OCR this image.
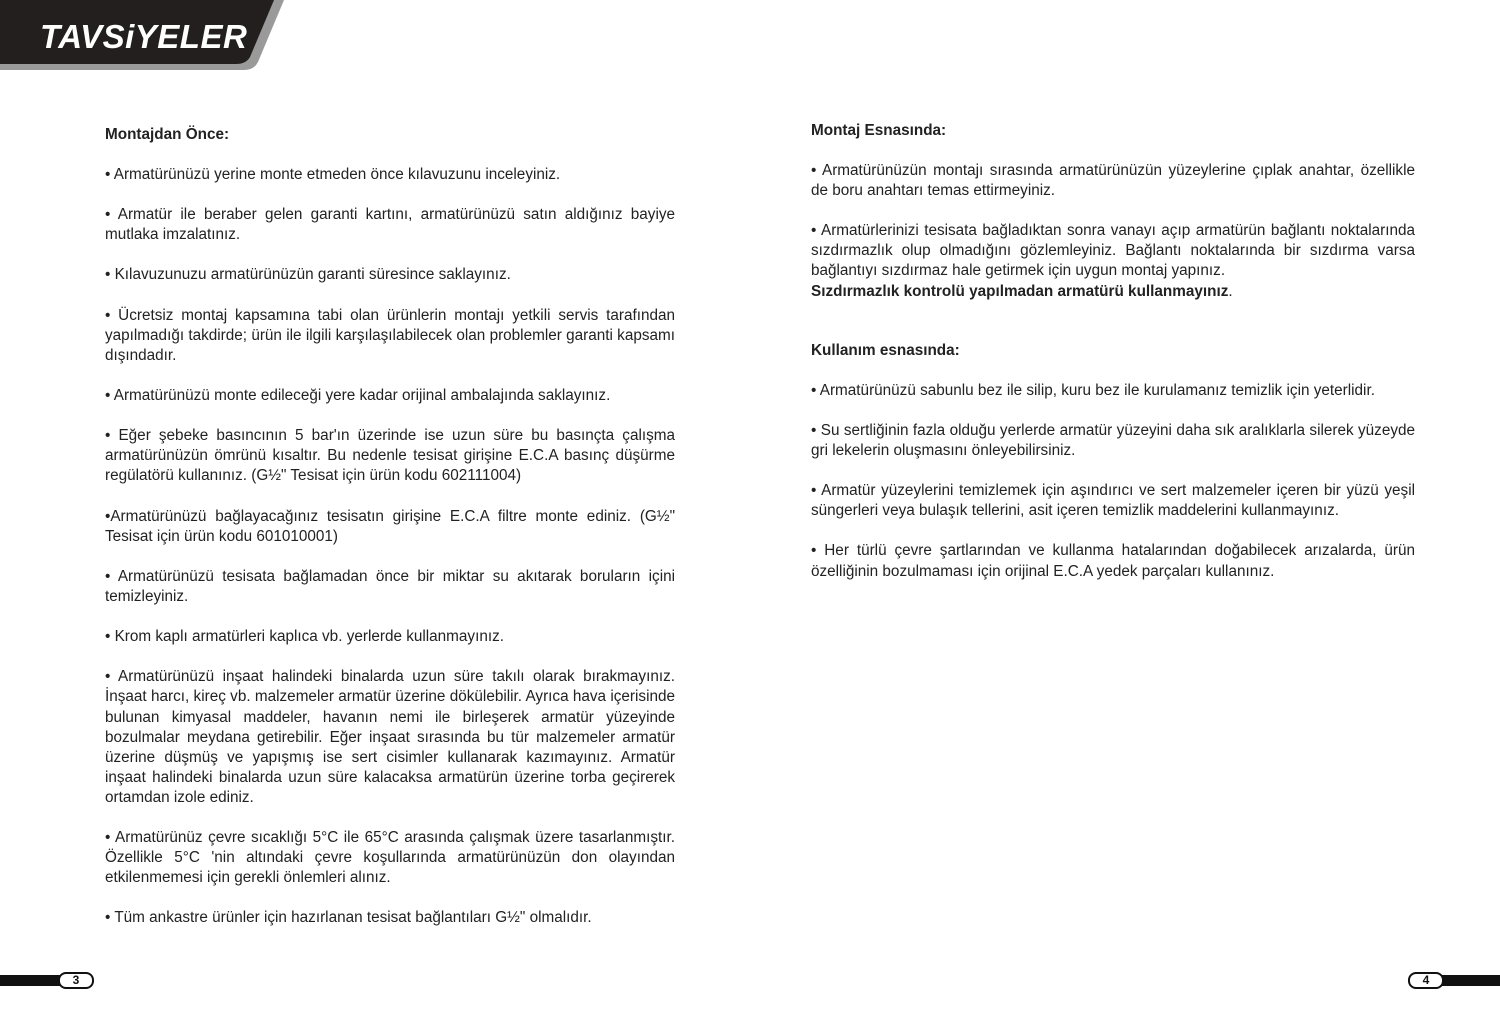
TAVSiYELER
Montajdan Önce:

• Armatürünüzü yerine monte etmeden önce kılavuzunu inceleyiniz.

• Armatür ile beraber gelen garanti kartını, armatürünüzü satın aldığınız bayiye mutlaka imzalatınız.

• Kılavuzunuzu armatürünüzün garanti süresince saklayınız.

• Ücretsiz montaj kapsamına tabi olan ürünlerin montajı yetkili servis tarafından yapılmadığı takdirde; ürün ile ilgili karşılaşılabilecek olan problemler garanti kapsamı dışındadır.

• Armatürünüzü monte edileceği yere kadar orijinal ambalajında saklayınız.

• Eğer şebeke basıncının 5 bar'ın üzerinde ise uzun süre bu basınçta çalışma armatürünüzün ömrünü kısaltır. Bu nedenle tesisat girişine E.C.A basınç düşürme regülatörü kullanınız. (G½" Tesisat için ürün kodu 602111004)

•Armatürünüzü bağlayacağınız tesisatın girişine E.C.A filtre monte ediniz. (G½" Tesisat için ürün kodu 601010001)

• Armatürünüzü tesisata bağlamadan önce bir miktar su akıtarak boruların içini temizleyiniz.

• Krom kaplı armatürleri kaplıca vb. yerlerde kullanmayınız.

• Armatürünüzü inşaat halindeki binalarda uzun süre takılı olarak bırakmayınız. İnşaat harcı, kireç vb. malzemeler armatür üzerine dökülebilir. Ayrıca hava içerisinde bulunan kimyasal maddeler, havanın nemi ile birleşerek armatür yüzeyinde bozulmalar meydana getirebilir. Eğer inşaat sırasında bu tür malzemeler armatür üzerine düşmüş ve yapışmış ise sert cisimler kullanarak kazımayınız. Armatür inşaat halindeki binalarda uzun süre kalacaksa armatürün üzerine torba geçirerek ortamdan izole ediniz.

• Armatürünüz çevre sıcaklığı 5°C ile 65°C arasında çalışmak üzere tasarlanmıştır. Özellikle 5°C 'nin altındaki çevre koşullarında armatürünüzün don olayından etkilenmemesi için gerekli önlemleri alınız.

• Tüm ankastre ürünler için hazırlanan tesisat bağlantıları G½" olmalıdır.

Montaj Esnasında:

• Armatürünüzün montajı sırasında armatürünüzün yüzeylerine çıplak anahtar, özellikle de boru anahtarı temas ettirmeyiniz.

• Armatürlerinizi tesisata bağladıktan sonra vanayı açıp armatürün bağlantı noktalarında sızdırmazlık olup olmadığını gözlemleyiniz. Bağlantı noktalarında bir sızdırma varsa bağlantıyı sızdırmaz hale getirmek için uygun montaj yapınız.

Sızdırmazlık kontrolü yapılmadan armatürü kullanmayınız.
Kullanım esnasında:

• Armatürünüzü sabunlu bez ile silip, kuru bez ile kurulamanız temizlik için yeterlidir.

• Su sertliğinin fazla olduğu yerlerde armatür yüzeyini daha sık aralıklarla silerek yüzeyde gri lekelerin oluşmasını önleyebilirsiniz.

• Armatür yüzeylerini temizlemek için aşındırıcı ve sert malzemeler içeren bir yüzü yeşil süngerleri veya bulaşık tellerini, asit içeren temizlik maddelerini kullanmayınız.

• Her türlü çevre şartlarından ve kullanma hatalarından doğabilecek arızalarda, ürün özelliğinin bozulmaması için orijinal E.C.A yedek parçaları kullanınız.

3	4
